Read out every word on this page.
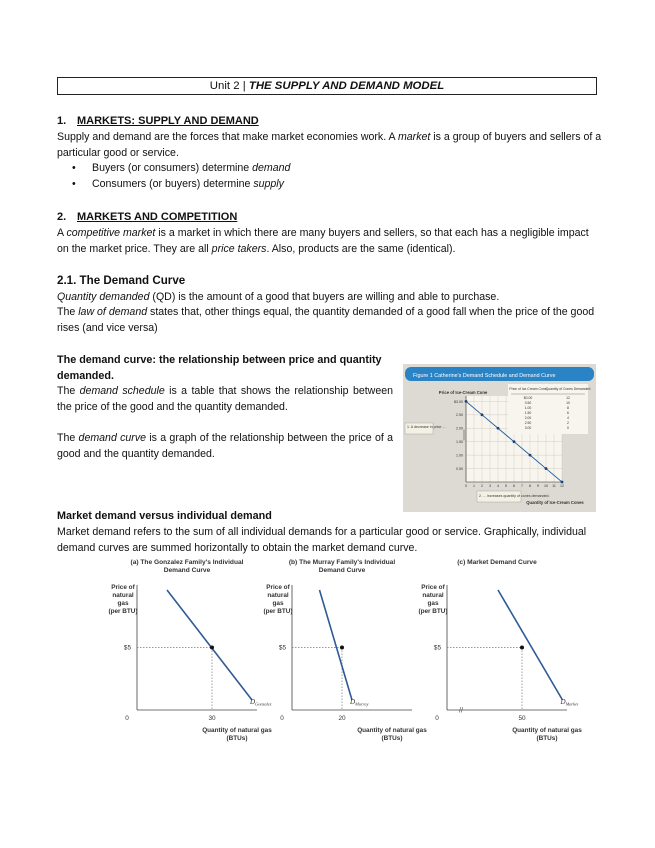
Unit 2 | THE SUPPLY AND DEMAND MODEL
1. MARKETS: SUPPLY AND DEMAND
Supply and demand are the forces that make market economies work. A market is a group of buyers and sellers of a particular good or service.
• Buyers (or consumers) determine demand
• Consumers (or buyers) determine supply
2. MARKETS AND COMPETITION
A competitive market is a market in which there are many buyers and sellers, so that each has a negligible impact on the market price. They are all price takers. Also, products are the same (identical).
2.1. The Demand Curve
Quantity demanded (QD) is the amount of a good that buyers are willing and able to purchase.
The law of demand states that, other things equal, the quantity demanded of a good fall when the price of the good rises (and vice versa)
The demand curve: the relationship between price and quantity demanded.
The demand schedule is a table that shows the relationship between the price of the good and the quantity demanded.
The demand curve is a graph of the relationship between the price of a good and the quantity demanded.
Figure 1 Catherine's Demand Schedule and Demand Curve
Price of Ice-Cream Cone
Quantity of Ice-Cream Cones
1. A decrease in price ...
2. ... increases quantity of cones demanded.
$3.00
2.50
2.00
1.50
1.00
0.50
0 1 2 3 4 5 6 7 8 9 10 11 12
Price of Ice-Cream Cone Quantity of Cones Demanded
$0.00	12
0.50	10
1.00	8
1.50	6
2.00	4
2.50	2
3.00	0
Market demand versus individual demand
Market demand refers to the sum of all individual demands for a particular good or service. Graphically, individual demand curves are summed horizontally to obtain the market demand curve.
(a) The Gonzalez Family's Individual
Demand Curve
Price of
natural
gas
(per BTU)
$5
30
0
$D_{Gonzalez}$
Quantity of natural gas
(BTUs)
(b) The Murray Family's Individual
Demand Curve
Price of
natural
gas
(per BTU)
$5
20
0
$D_{Murray}$
Quantity of natural gas
(BTUs)
(c) Market Demand Curve
Price of
natural
gas
(per BTU)
//
$5
50
0
$D_{Market}$
Quantity of natural gas
(BTUs)
